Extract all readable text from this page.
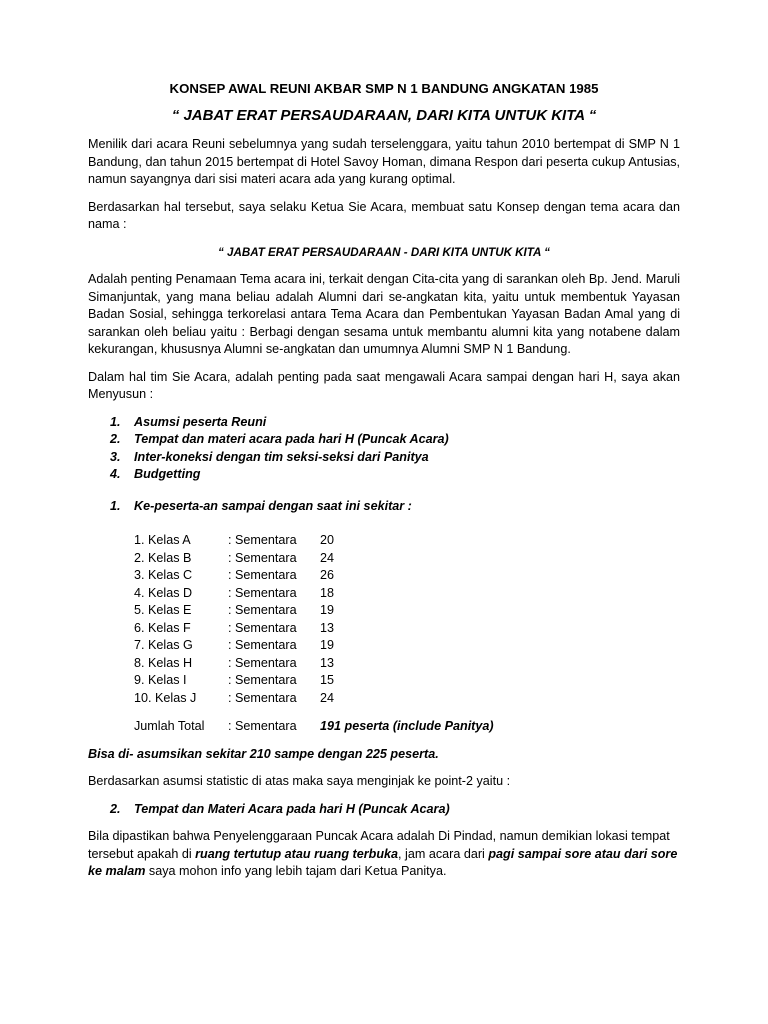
KONSEP AWAL REUNI AKBAR SMP N 1 BANDUNG ANGKATAN 1985
“ JABAT ERAT PERSAUDARAAN, DARI KITA UNTUK KITA “

Menilik dari acara Reuni sebelumnya yang sudah terselenggara, yaitu tahun 2010 bertempat di SMP N 1 Bandung, dan tahun 2015 bertempat di Hotel Savoy Homan, dimana Respon dari peserta cukup Antusias, namun sayangnya dari sisi materi acara ada yang kurang optimal.

Berdasarkan hal tersebut, saya selaku Ketua Sie Acara, membuat satu Konsep dengan tema acara dan nama :

“ JABAT ERAT PERSAUDARAAN - DARI KITA UNTUK KITA “

Adalah penting Penamaan Tema acara ini, terkait dengan Cita-cita yang di sarankan oleh Bp. Jend. Maruli Simanjuntak, yang mana beliau adalah Alumni dari se-angkatan kita, yaitu untuk membentuk Yayasan Badan Sosial, sehingga terkorelasi antara Tema Acara dan Pembentukan Yayasan Badan Amal yang di sarankan oleh beliau yaitu : Berbagi dengan sesama untuk membantu alumni kita yang notabene dalam kekurangan, khususnya Alumni se-angkatan dan umumnya Alumni SMP N 1 Bandung.

Dalam hal tim Sie Acara, adalah penting pada saat mengawali Acara sampai dengan hari H, saya akan Menyusun :

1.	Asumsi peserta Reuni
2.	Tempat dan materi acara pada hari H (Puncak Acara)
3.	Inter-koneksi dengan tim seksi-seksi dari Panitya
4.	Budgetting
1.	Ke-peserta-an sampai dengan saat ini sekitar :
1. Kelas A	: Sementara	20
2. Kelas B	: Sementara	24
3. Kelas C	: Sementara	26
4. Kelas D	: Sementara	18
5. Kelas E	: Sementara	19
6. Kelas F	: Sementara	13
7. Kelas G	: Sementara	19
8. Kelas H	: Sementara	13
9. Kelas I	: Sementara	15
10. Kelas J	: Sementara	24
Jumlah Total	: Sementara	191 peserta (include Panitya)
Bisa di- asumsikan sekitar 210 sampe dengan 225 peserta.

Berdasarkan asumsi statistic di atas maka saya menginjak ke point-2 yaitu :

2.	Tempat dan Materi Acara pada hari H (Puncak Acara)

Bila dipastikan bahwa Penyelenggaraan Puncak Acara adalah Di Pindad, namun demikian lokasi tempat tersebut apakah di ruang tertutup atau ruang terbuka, jam acara dari pagi sampai sore atau dari sore ke malam saya mohon info yang lebih tajam dari Ketua Panitya.
